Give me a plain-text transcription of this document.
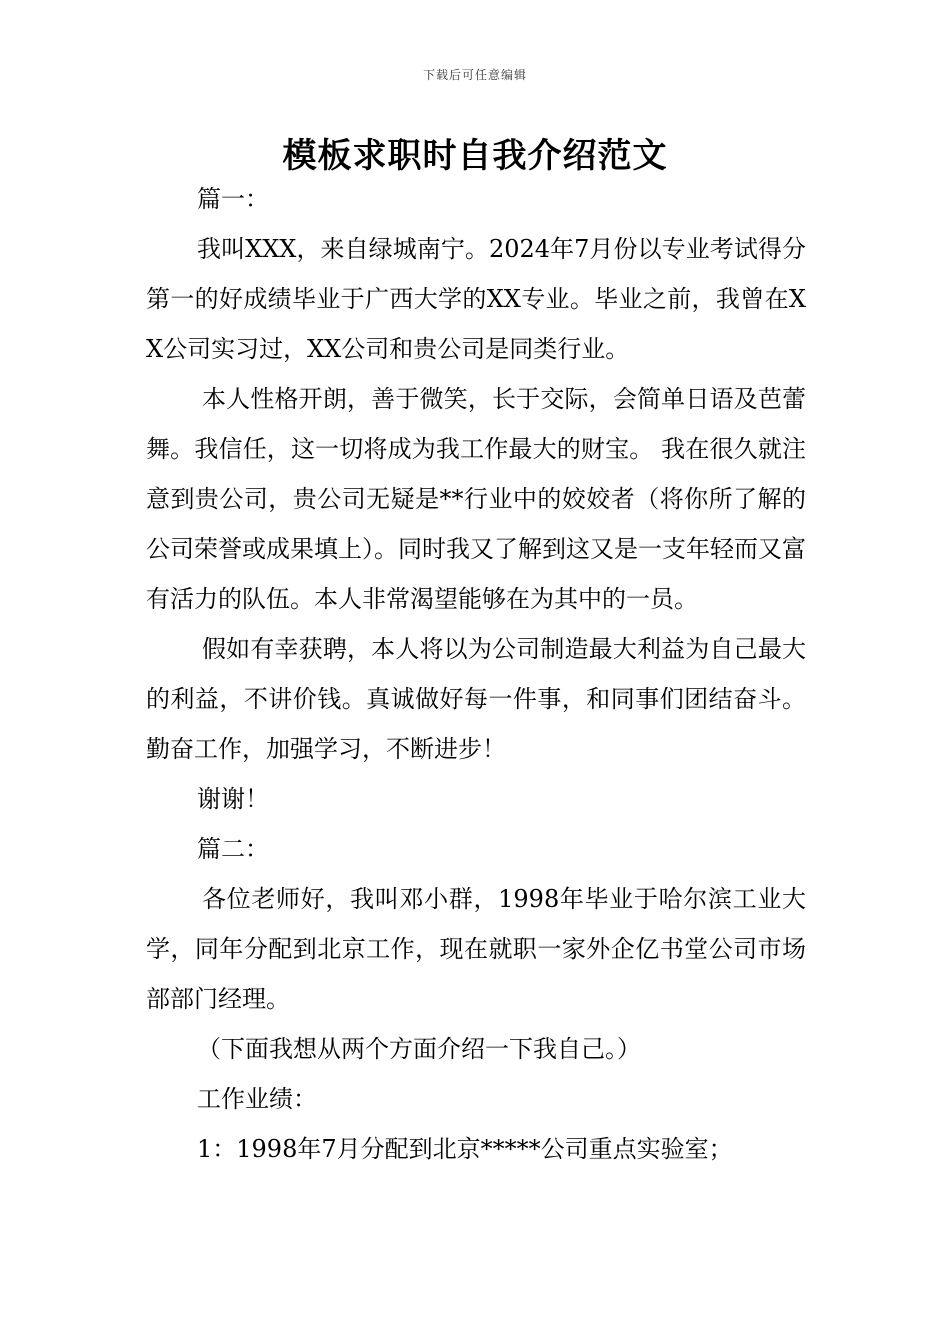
下载后可任意编辑
模板求职时自我介绍范文

篇一：

我叫XXX，来自绿城南宁。2024年7月份以专业考试得分第一的好成绩毕业于广西大学的XX专业。毕业之前，我曾在XX公司实习过，XX公司和贵公司是同类行业。

本人性格开朗，善于微笑，长于交际，会简单日语及芭蕾舞。我信任，这一切将成为我工作最大的财宝。 我在很久就注意到贵公司，贵公司无疑是**行业中的姣姣者（将你所了解的公司荣誉或成果填上）。同时我又了解到这又是一支年轻而又富有活力的队伍。本人非常渴望能够在为其中的一员。

假如有幸获聘，本人将以为公司制造最大利益为自己最大的利益，不讲价钱。真诚做好每一件事，和同事们团结奋斗。勤奋工作，加强学习，不断进步！

谢谢！

篇二：

各位老师好，我叫邓小群，1998年毕业于哈尔滨工业大学，同年分配到北京工作，现在就职一家外企亿书堂公司市场部部门经理。

（下面我想从两个方面介绍一下我自己。）

工作业绩：

1：1998年7月分配到北京*****公司重点实验室；
